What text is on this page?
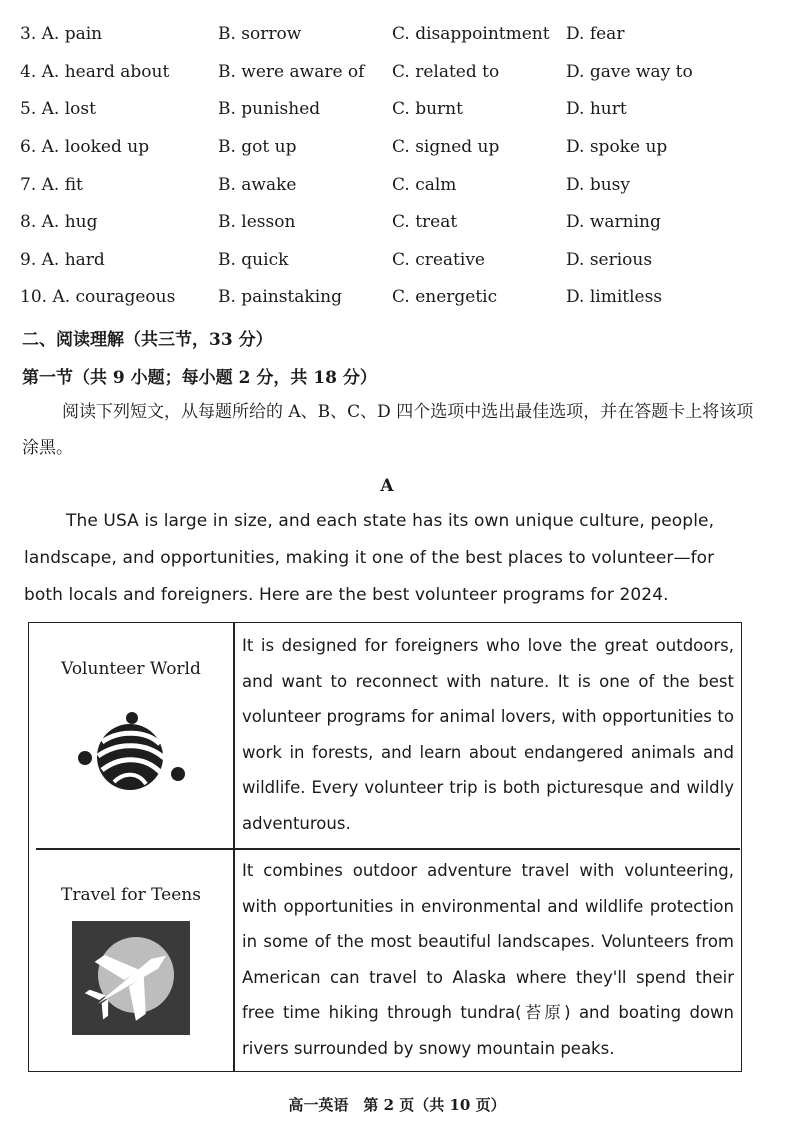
3. A. pain	B. sorrow	C. disappointment D. fear
4. A. heard about	B. were aware of C. related to	D. gave way to
5. A. lost	B. punished	C. burnt	D. hurt
6. A. looked up	B. got up	C. signed up	D. spoke up
7. A. fit	B. awake	C. calm	D. busy
8. A. hug	B. lesson	C. treat	D. warning
9. A. hard	B. quick	C. creative	D. serious
10. A. courageous	B. painstaking	C. energetic	D. limitless
二、阅读理解（共三节，33 分）
第一节（共 9 小题；每小题 2 分，共 18 分）
阅读下列短文，从每题所给的 A、B、C、D 四个选项中选出最佳选项，并在答题卡上将该项涂黑。
A
The USA is large in size, and each state has its own unique culture, people, landscape, and opportunities, making it one of the best places to volunteer—for both locals and foreigners. Here are the best volunteer programs for 2024.
Volunteer World
It is designed for foreigners who love the great outdoors, and want to reconnect with nature. It is one of the best volunteer programs for animal lovers, with opportunities to work in forests, and learn about endangered animals and wildlife. Every volunteer trip is both picturesque and wildly adventurous.
Travel for Teens
It combines outdoor adventure travel with volunteering, with opportunities in environmental and wildlife protection in some of the most beautiful landscapes. Volunteers from American can travel to Alaska where they'll spend their free time hiking through tundra(苔原) and boating down rivers surrounded by snowy mountain peaks.
高一英语　第 2 页（共 10 页）
